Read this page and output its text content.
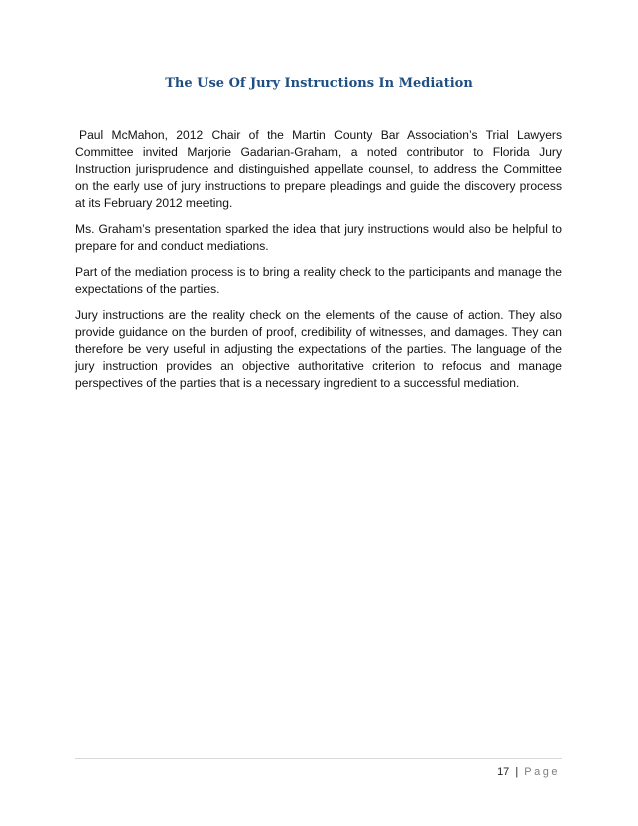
The Use Of Jury Instructions In Mediation

Paul McMahon, 2012 Chair of the Martin County Bar Association’s Trial Lawyers Committee invited Marjorie Gadarian-Graham, a noted contributor to Florida Jury Instruction jurisprudence and distinguished appellate counsel, to address the Committee on the early use of jury instructions to prepare pleadings and guide the discovery process at its February 2012 meeting.

Ms. Graham’s presentation sparked the idea that jury instructions would also be helpful to prepare for and conduct mediations.

Part of the mediation process is to bring a reality check to the participants and manage the expectations of the parties.

Jury instructions are the reality check on the elements of the cause of action. They also provide guidance on the burden of proof, credibility of witnesses, and damages. They can therefore be very useful in adjusting the expectations of the parties. The language of the jury instruction provides an objective authoritative criterion to refocus and manage perspectives of the parties that is a necessary ingredient to a successful mediation.

17 | Page
